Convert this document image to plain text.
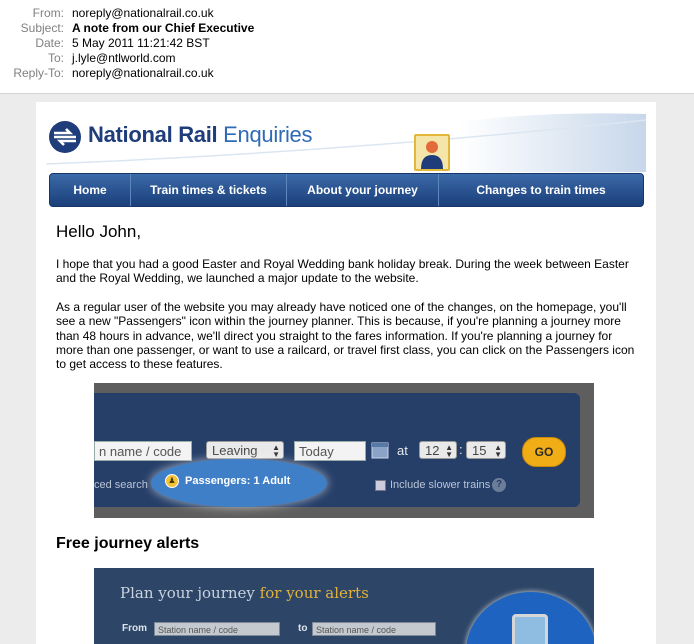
From: noreply@nationalrail.co.uk
Subject: A note from our Chief Executive
Date: 5 May 2011 11:21:42 BST
To: j.lyle@ntlworld.com
Reply-To: noreply@nationalrail.co.uk
National Rail Enquiries
Home	Train times & tickets	About your journey	Changes to train times
Hello John,
I hope that you had a good Easter and Royal Wedding bank holiday break. During the week between Easter and the Royal Wedding, we launched a major update to the website.
As a regular user of the website you may already have noticed one of the changes, on the homepage, you'll see a new "Passengers" icon within the journey planner. This is because, if you're planning a journey more than 48 hours in advance, we'll direct you straight to the fares information. If you're planning a journey for more than one passenger, or want to use a railcard, or travel first class, you can click on the Passengers icon to get access to these features.
n name / code	Leaving ▲
▼	Today	at	12 ▲
▼ : 15 ▲
▼	GO
ced search	♟ Passengers: 1 Adult	Include slower trains ?
Free journey alerts
Plan your journey for your alerts
From	Station name / code	to Station name / code
